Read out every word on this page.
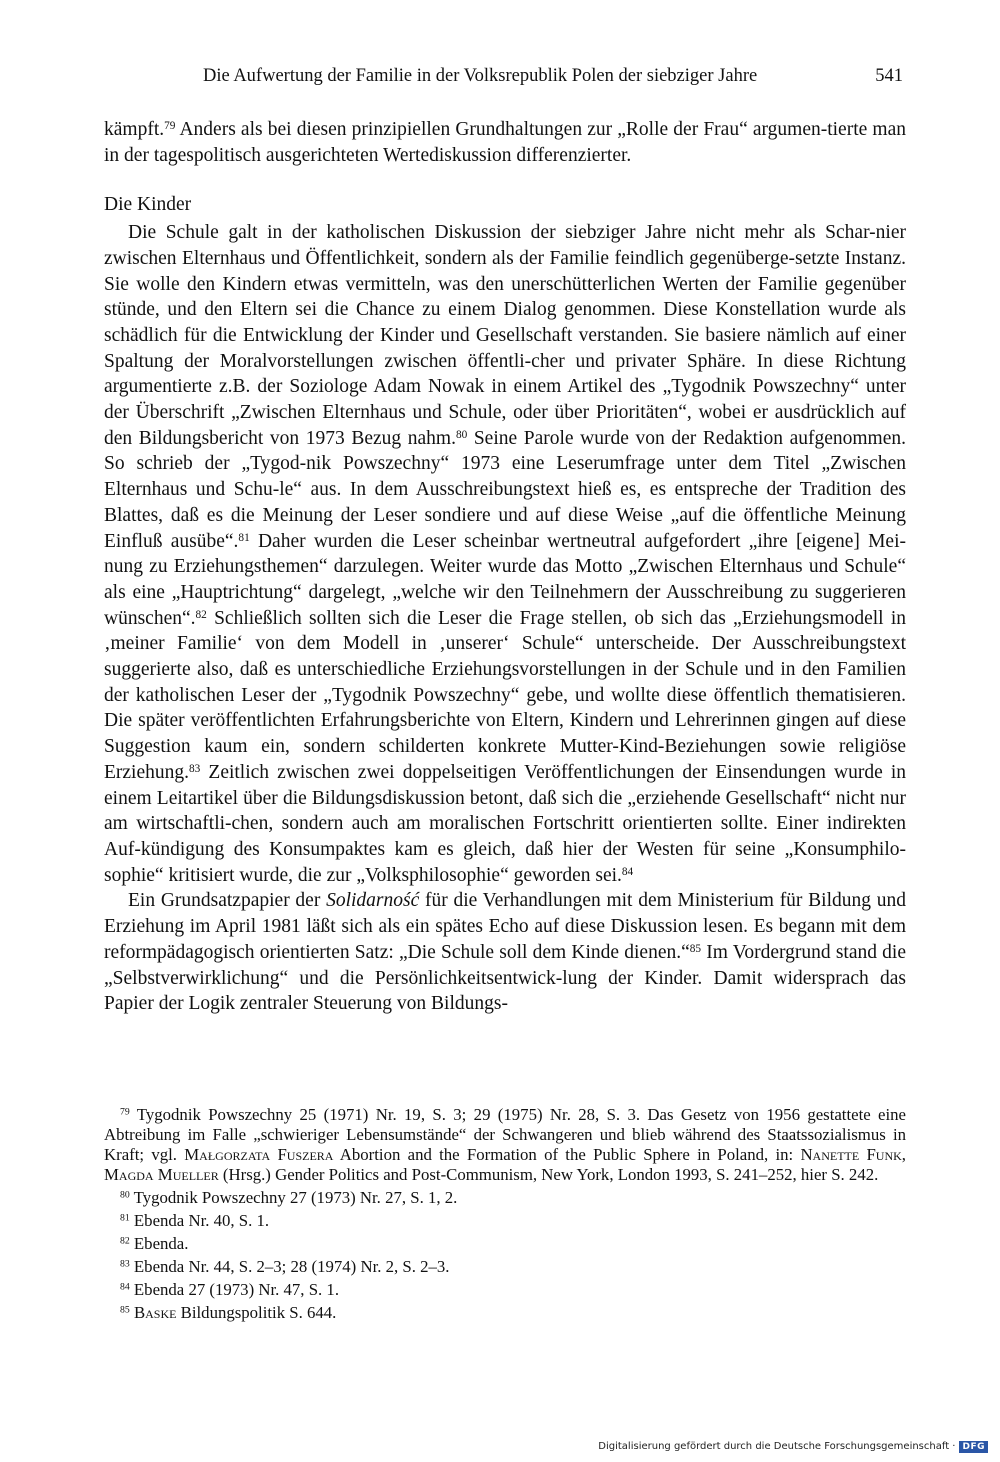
Die Aufwertung der Familie in der Volksrepublik Polen der siebziger Jahre	541

kämpft.$^{79}$ Anders als bei diesen prinzipiellen Grundhaltungen zur „Rolle der Frau“ argumen-tierte man in der tagespolitisch ausgerichteten Wertediskussion differenzierter.

Die Kinder

Die Schule galt in der katholischen Diskussion der siebziger Jahre nicht mehr als Schar-nier zwischen Elternhaus und Öffentlichkeit, sondern als der Familie feindlich gegenüberge-setzte Instanz. Sie wolle den Kindern etwas vermitteln, was den unerschütterlichen Werten der Familie gegenüber stünde, und den Eltern sei die Chance zu einem Dialog genommen. Diese Konstellation wurde als schädlich für die Entwicklung der Kinder und Gesellschaft verstanden. Sie basiere nämlich auf einer Spaltung der Moralvorstellungen zwischen öffentli-cher und privater Sphäre. In diese Richtung argumentierte z.B. der Soziologe Adam Nowak in einem Artikel des „Tygodnik Powszechny“ unter der Überschrift „Zwischen Elternhaus und Schule, oder über Prioritäten“, wobei er ausdrücklich auf den Bildungsbericht von 1973 Bezug nahm.$^{80}$ Seine Parole wurde von der Redaktion aufgenommen. So schrieb der „Tygod-nik Powszechny“ 1973 eine Leserumfrage unter dem Titel „Zwischen Elternhaus und Schu-le“ aus. In dem Ausschreibungstext hieß es, es entspreche der Tradition des Blattes, daß es die Meinung der Leser sondiere und auf diese Weise „auf die öffentliche Meinung Einfluß ausübe“.$^{81}$ Daher wurden die Leser scheinbar wertneutral aufgefordert „ihre [eigene] Mei-nung zu Erziehungsthemen“ darzulegen. Weiter wurde das Motto „Zwischen Elternhaus und Schule“ als eine „Hauptrichtung“ dargelegt, „welche wir den Teilnehmern der Ausschreibung zu suggerieren wünschen“.$^{82}$ Schließlich sollten sich die Leser die Frage stellen, ob sich das „Erziehungsmodell in ‚meiner Familie‘ von dem Modell in ‚unserer‘ Schule“ unterscheide. Der Ausschreibungstext suggerierte also, daß es unterschiedliche Erziehungsvorstellungen in der Schule und in den Familien der katholischen Leser der „Tygodnik Powszechny“ gebe, und wollte diese öffentlich thematisieren. Die später veröffentlichten Erfahrungsberichte von Eltern, Kindern und Lehrerinnen gingen auf diese Suggestion kaum ein, sondern schilderten konkrete Mutter-Kind-Beziehungen sowie religiöse Erziehung.$^{83}$ Zeitlich zwischen zwei doppelseitigen Veröffentlichungen der Einsendungen wurde in einem Leitartikel über die Bildungsdiskussion betont, daß sich die „erziehende Gesellschaft“ nicht nur am wirtschaftli-chen, sondern auch am moralischen Fortschritt orientierten sollte. Einer indirekten Auf-kündigung des Konsumpaktes kam es gleich, daß hier der Westen für seine „Konsumphilo-sophie“ kritisiert wurde, die zur „Volksphilosophie“ geworden sei.$^{84}$

Ein Grundsatzpapier der Solidarność für die Verhandlungen mit dem Ministerium für Bildung und Erziehung im April 1981 läßt sich als ein spätes Echo auf diese Diskussion lesen. Es begann mit dem reformpädagogisch orientierten Satz: „Die Schule soll dem Kinde dienen.“$^{85}$ Im Vordergrund stand die „Selbstverwirklichung“ und die Persönlichkeitsentwick-lung der Kinder. Damit widersprach das Papier der Logik zentraler Steuerung von Bildungs-

$^{79}$ Tygodnik Powszechny 25 (1971) Nr. 19, S. 3; 29 (1975) Nr. 28, S. 3. Das Gesetz von 1956 gestattete eine Abtreibung im Falle „schwieriger Lebensumstände“ der Schwangeren und blieb während des Staatssozialismus in Kraft; vgl. Małgorzata Fuszera Abortion and the Formation of the Public Sphere in Poland, in: Nanette Funk, Magda Mueller (Hrsg.) Gender Politics and Post-Communism, New York, London 1993, S. 241–252, hier S. 242.

$^{80}$ Tygodnik Powszechny 27 (1973) Nr. 27, S. 1, 2.

$^{81}$ Ebenda Nr. 40, S. 1.

$^{82}$ Ebenda.

$^{83}$ Ebenda Nr. 44, S. 2–3; 28 (1974) Nr. 2, S. 2–3.

$^{84}$ Ebenda 27 (1973) Nr. 47, S. 1.

$^{85}$ Baske Bildungspolitik S. 644.

Digitalisierung gefördert durch die Deutsche Forschungsgemeinschaft · DFG
